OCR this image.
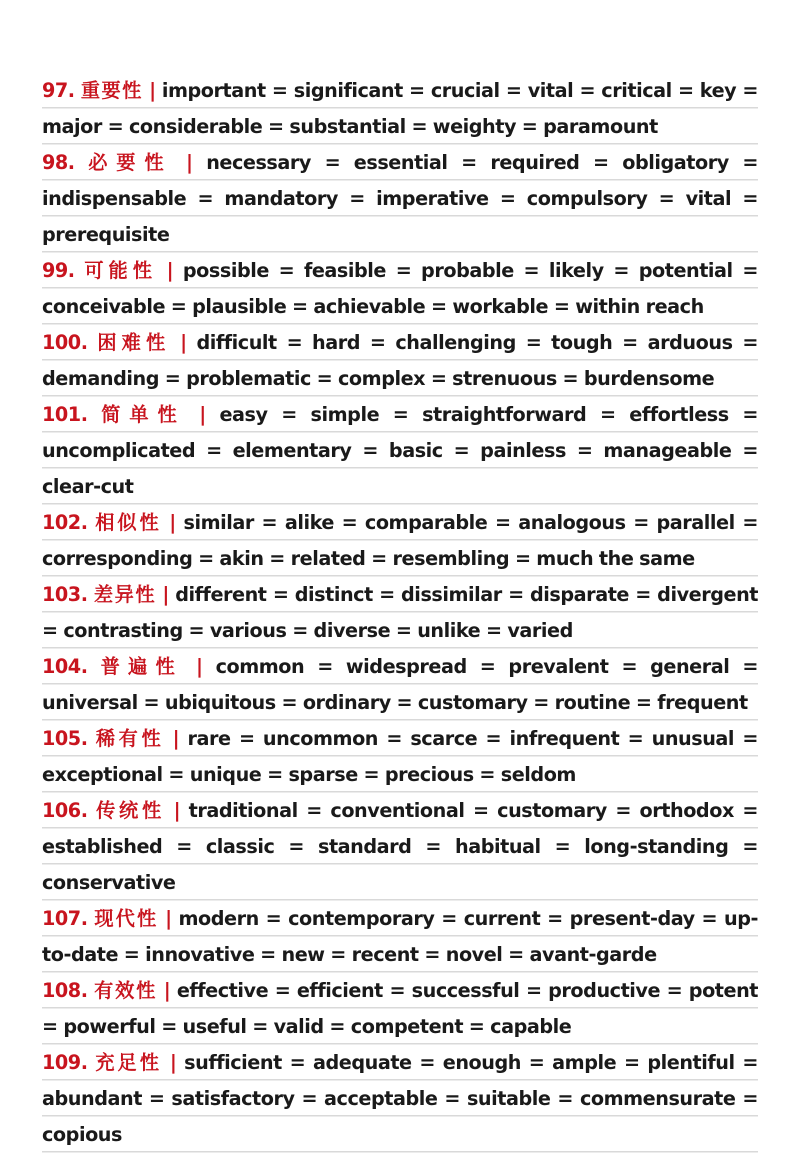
97. 重要性 | important = significant = crucial = vital = critical = key = major = considerable = substantial = weighty = paramount
98. 必要性 | necessary = essential = required = obligatory = indispensable = mandatory = imperative = compulsory = vital = prerequisite
99. 可能性 | possible = feasible = probable = likely = potential = conceivable = plausible = achievable = workable = within reach
100. 困难性 | difficult = hard = challenging = tough = arduous = demanding = problematic = complex = strenuous = burdensome
101. 简单性 | easy = simple = straightforward = effortless = uncomplicated = elementary = basic = painless = manageable = clear-cut
102. 相似性 | similar = alike = comparable = analogous = parallel = corresponding = akin = related = resembling = much the same
103. 差异性 | different = distinct = dissimilar = disparate = divergent = contrasting = various = diverse = unlike = varied
104. 普遍性 | common = widespread = prevalent = general = universal = ubiquitous = ordinary = customary = routine = frequent
105. 稀有性 | rare = uncommon = scarce = infrequent = unusual = exceptional = unique = sparse = precious = seldom
106. 传统性 | traditional = conventional = customary = orthodox = established = classic = standard = habitual = long-standing = conservative
107. 现代性 | modern = contemporary = current = present-day = up-to-date = innovative = new = recent = novel = avant-garde
108. 有效性 | effective = efficient = successful = productive = potent = powerful = useful = valid = competent = capable
109. 充足性 | sufficient = adequate = enough = ample = plentiful = abundant = satisfactory = acceptable = suitable = commensurate = copious
